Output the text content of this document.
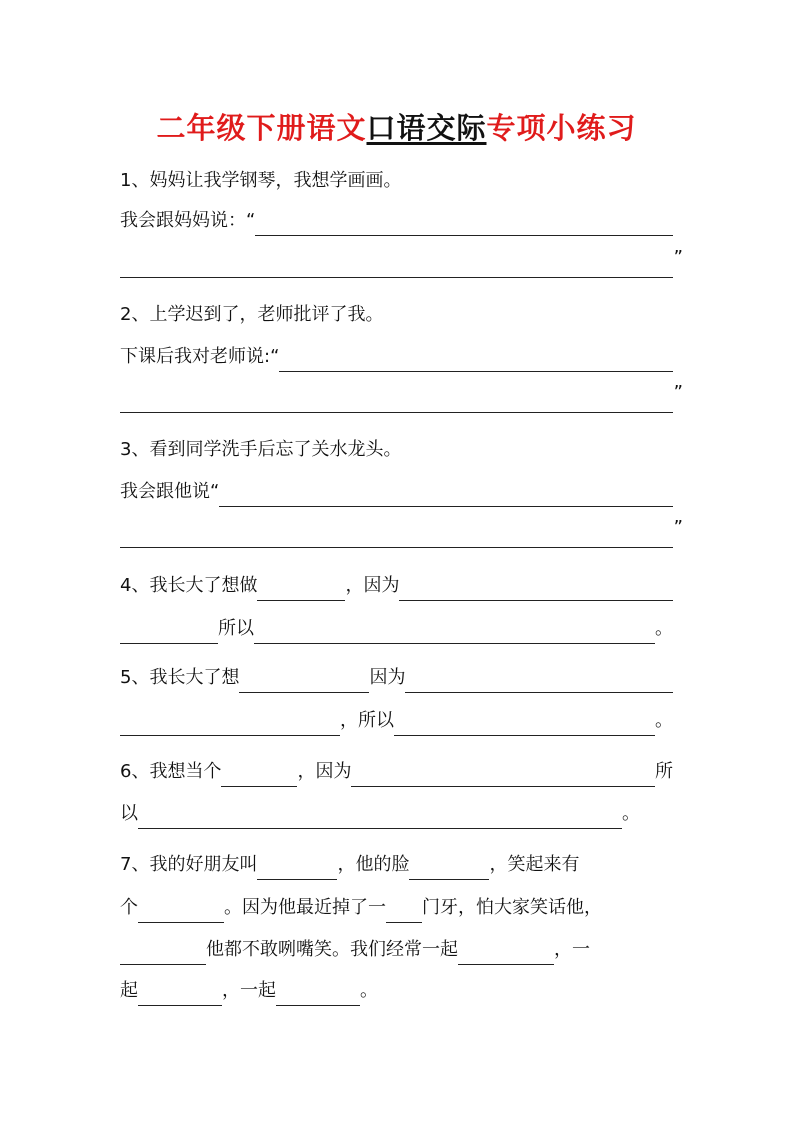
二年级下册语文口语交际专项小练习
1、妈妈让我学钢琴，我想学画画。
我会跟妈妈说：“
”
2、上学迟到了，老师批评了我。
下课后我对老师说:“
”
3、看到同学洗手后忘了关水龙头。
我会跟他说“
”
4、我长大了想做	，因为
所以	。
5、我长大了想	因为
，所以	。
6、我想当个	，因为	所
以	。
7、我的好朋友叫	，他的脸	，笑起来有
个	。因为他最近掉了一 门牙，怕大家笑话他，
他都不敢咧嘴笑。我们经常一起	，一
起	，一起	。
